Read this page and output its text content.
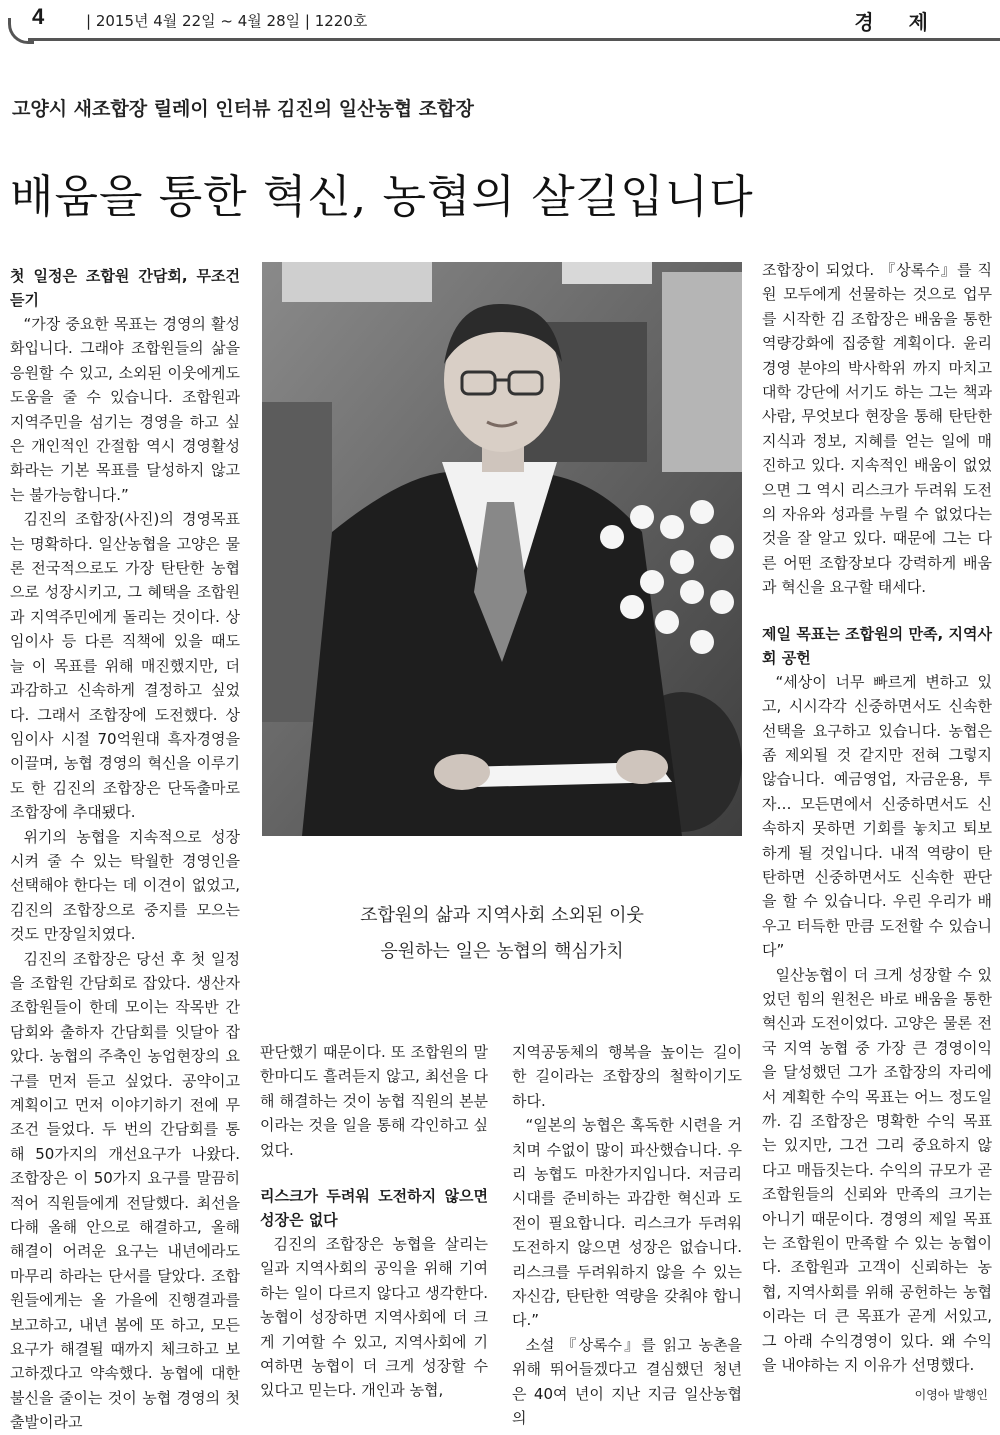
4	| 2015년 4월 22일 ~ 4월 28일 | 1220호	경 제
고양시 새조합장 릴레이 인터뷰 김진의 일산농협 조합장
배움을 통한 혁신, 농협의 살길입니다
첫 일정은 조합원 간담회, 무조건 듣기

“가장 중요한 목표는 경영의 활성화입니다. 그래야 조합원들의 삶을 응원할 수 있고, 소외된 이웃에게도 도움을 줄 수 있습니다. 조합원과 지역주민을 섬기는 경영을 하고 싶은 개인적인 간절함 역시 경영활성화라는 기본 목표를 달성하지 않고는 불가능합니다.”

김진의 조합장(사진)의 경영목표는 명확하다. 일산농협을 고양은 물론 전국적으로도 가장 탄탄한 농협으로 성장시키고, 그 혜택을 조합원과 지역주민에게 돌리는 것이다. 상임이사 등 다른 직책에 있을 때도 늘 이 목표를 위해 매진했지만, 더 과감하고 신속하게 결정하고 싶었다. 그래서 조합장에 도전했다. 상임이사 시절 70억원대 흑자경영을 이끌며, 농협 경영의 혁신을 이루기도 한 김진의 조합장은 단독출마로 조합장에 추대됐다.

위기의 농협을 지속적으로 성장시켜 줄 수 있는 탁월한 경영인을 선택해야 한다는 데 이견이 없었고, 김진의 조합장으로 중지를 모으는 것도 만장일치였다.

김진의 조합장은 당선 후 첫 일정을 조합원 간담회로 잡았다. 생산자 조합원들이 한데 모이는 작목반 간담회와 출하자 간담회를 잇달아 잡았다. 농협의 주축인 농업현장의 요구를 먼저 듣고 싶었다. 공약이고 계획이고 먼저 이야기하기 전에 무조건 들었다. 두 번의 간담회를 통해 50가지의 개선요구가 나왔다. 조합장은 이 50가지 요구를 말끔히 적어 직원들에게 전달했다. 최선을 다해 올해 안으로 해결하고, 올해 해결이 어려운 요구는 내년에라도 마무리 하라는 단서를 달았다. 조합원들에게는 올 가을에 진행결과를 보고하고, 내년 봄에 또 하고, 모든 요구가 해결될 때까지 체크하고 보고하겠다고 약속했다. 농협에 대한 불신을 줄이는 것이 농협 경영의 첫 출발이라고

조합원의 삶과 지역사회 소외된 이웃
응원하는 일은 농협의 핵심가치

판단했기 때문이다. 또 조합원의 말 한마디도 흘려듣지 않고, 최선을 다해 해결하는 것이 농협 직원의 본분이라는 것을 일을 통해 각인하고 싶었다.

리스크가 두려워 도전하지 않으면 성장은 없다

김진의 조합장은 농협을 살리는 일과 지역사회의 공익을 위해 기여하는 일이 다르지 않다고 생각한다. 농협이 성장하면 지역사회에 더 크게 기여할 수 있고, 지역사회에 기여하면 농협이 더 크게 성장할 수 있다고 믿는다. 개인과 농협,

지역공동체의 행복을 높이는 길이 한 길이라는 조합장의 철학이기도 하다.

“일본의 농협은 혹독한 시련을 거치며 수없이 많이 파산했습니다. 우리 농협도 마찬가지입니다. 저금리시대를 준비하는 과감한 혁신과 도전이 필요합니다. 리스크가 두려워 도전하지 않으면 성장은 없습니다. 리스크를 두려워하지 않을 수 있는 자신감, 탄탄한 역량을 갖춰야 합니다.”

소설 『상록수』를 읽고 농촌을 위해 뛰어들겠다고 결심했던 청년은 40여 년이 지난 지금 일산농협의

조합장이 되었다. 『상록수』를 직원 모두에게 선물하는 것으로 업무를 시작한 김 조합장은 배움을 통한 역량강화에 집중할 계획이다. 윤리경영 분야의 박사학위 까지 마치고 대학 강단에 서기도 하는 그는 책과 사람, 무엇보다 현장을 통해 탄탄한 지식과 정보, 지혜를 얻는 일에 매진하고 있다. 지속적인 배움이 없었으면 그 역시 리스크가 두려워 도전의 자유와 성과를 누릴 수 없었다는 것을 잘 알고 있다. 때문에 그는 다른 어떤 조합장보다 강력하게 배움과 혁신을 요구할 태세다.

제일 목표는 조합원의 만족, 지역사회 공헌

“세상이 너무 빠르게 변하고 있고, 시시각각 신중하면서도 신속한 선택을 요구하고 있습니다. 농협은 좀 제외될 것 같지만 전혀 그렇지 않습니다. 예금영업, 자금운용, 투자… 모든면에서 신중하면서도 신속하지 못하면 기회를 놓치고 퇴보하게 될 것입니다. 내적 역량이 탄탄하면 신중하면서도 신속한 판단을 할 수 있습니다. 우린 우리가 배우고 터득한 만큼 도전할 수 있습니다”

일산농협이 더 크게 성장할 수 있었던 힘의 원천은 바로 배움을 통한 혁신과 도전이었다. 고양은 물론 전국 지역 농협 중 가장 큰 경영이익을 달성했던 그가 조합장의 자리에서 계획한 수익 목표는 어느 정도일까. 김 조합장은 명확한 수익 목표는 있지만, 그건 그리 중요하지 않다고 매듭짓는다. 수익의 규모가 곧 조합원들의 신뢰와 만족의 크기는 아니기 때문이다. 경영의 제일 목표는 조합원이 만족할 수 있는 농협이다. 조합원과 고객이 신뢰하는 농협, 지역사회를 위해 공헌하는 농협이라는 더 큰 목표가 곧게 서있고, 그 아래 수익경영이 있다. 왜 수익을 내야하는 지 이유가 선명했다.

이영아 발행인
